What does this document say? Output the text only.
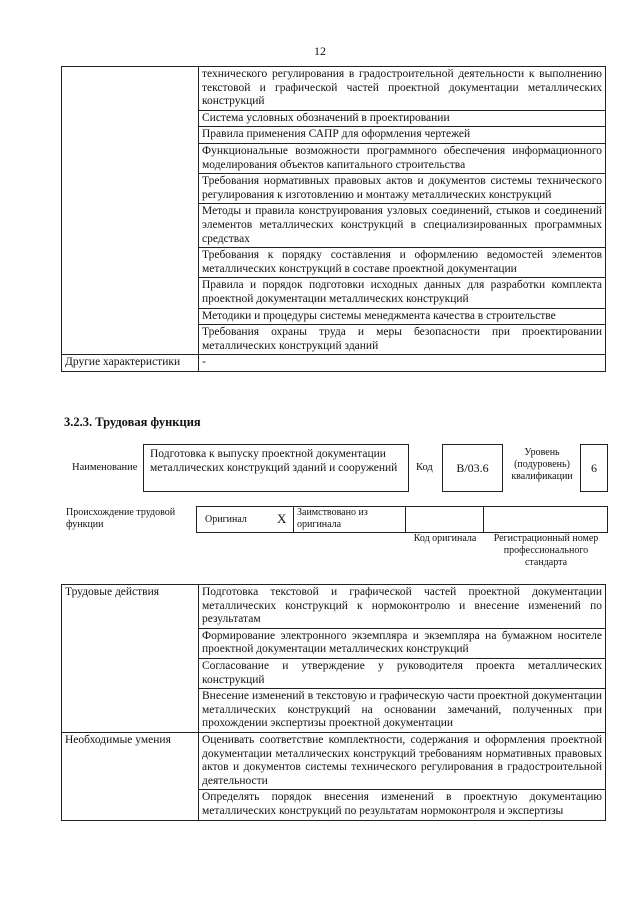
12
	технического регулирования в градостроительной деятельности к выполнению текстовой и графической частей проектной документации металлических конструкций
	Система условных обозначений в проектировании
	Правила применения САПР для оформления чертежей
	Функциональные возможности программного обеспечения информационного моделирования объектов капитального строительства
	Требования нормативных правовых актов и документов системы технического регулирования к изготовлению и монтажу металлических конструкций
	Методы и правила конструирования узловых соединений, стыков и соединений элементов металлических конструкций в специализированных программных средствах
	Требования к порядку составления и оформлению ведомостей элементов металлических конструкций в составе проектной документации
	Правила и порядок подготовки исходных данных для разработки комплекта проектной документации металлических конструкций
	Методики и процедуры системы менеджмента качества в строительстве
	Требования охраны труда и меры безопасности при проектировании металлических конструкций зданий
Другие характеристики	-
3.2.3. Трудовая функция
Наименование
Подготовка к выпуску проектной документации металлических конструкций зданий и сооружений	Код	В/03.6
Уровень (подуровень) квалификации
6
Происхождение трудовой функции	Оригинал X Заимствовано из оригинала
Код оригинала	Регистрационный номер профессионального стандарта
Трудовые действия	Подготовка текстовой и графической частей проектной документации металлических конструкций к нормоконтролю и внесение изменений по результатам
	Формирование электронного экземпляра и экземпляра на бумажном носителе проектной документации металлических конструкций
	Согласование и утверждение у руководителя проекта металлических конструкций
	Внесение изменений в текстовую и графическую части проектной документации металлических конструкций на основании замечаний, полученных при прохождении экспертизы проектной документации
Необходимые умения	Оценивать соответствие комплектности, содержания и оформления проектной документации металлических конструкций требованиям нормативных правовых актов и документов системы технического регулирования в градостроительной деятельности
	Определять порядок внесения изменений в проектную документацию металлических конструкций по результатам нормоконтроля и экспертизы
